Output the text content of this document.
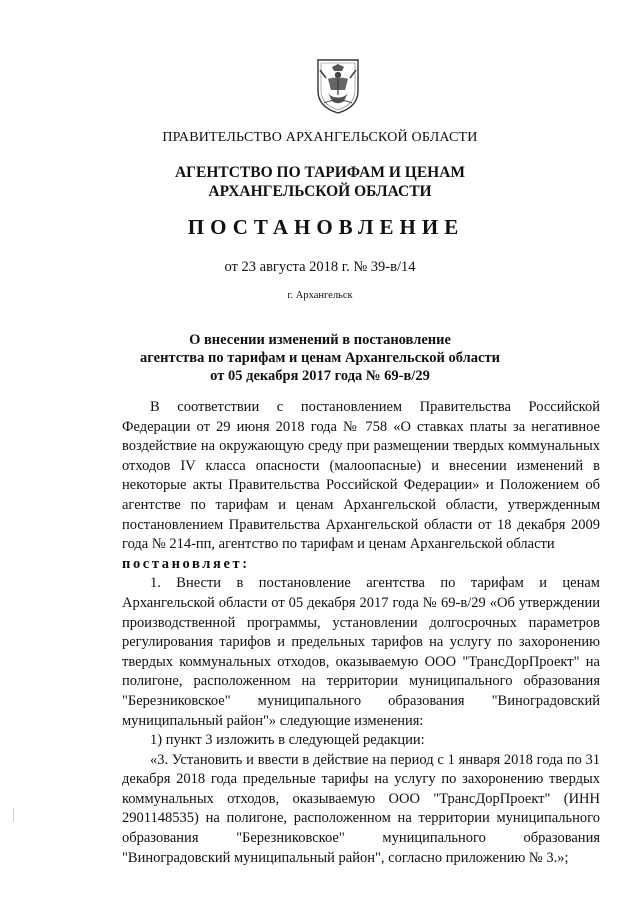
ПРАВИТЕЛЬСТВО АРХАНГЕЛЬСКОЙ ОБЛАСТИ
АГЕНТСТВО ПО ТАРИФАМ И ЦЕНАМ
АРХАНГЕЛЬСКОЙ ОБЛАСТИ
ПОСТАНОВЛЕНИЕ
от 23 августа 2018 г. № 39-в/14
г. Архангельск
О внесении изменений в постановление
агентства по тарифам и ценам Архангельской области
от 05 декабря 2017 года № 69-в/29

В соответствии с постановлением Правительства Российской Федерации от 29 июня 2018 года № 758 «О ставках платы за негативное воздействие на окружающую среду при размещении твердых коммунальных отходов IV класса опасности (малоопасные) и внесении изменений в некоторые акты Правительства Российской Федерации» и Положением об агентстве по тарифам и ценам Архангельской области, утвержденным постановлением Правительства Архангельской области от 18 декабря 2009 года № 214-пп, агентство по тарифам и ценам Архангельской области

постановляет:

1. Внести в постановление агентства по тарифам и ценам Архангельской области от 05 декабря 2017 года № 69-в/29 «Об утверждении производственной программы, установлении долгосрочных параметров регулирования тарифов и предельных тарифов на услугу по захоронению твердых коммунальных отходов, оказываемую ООО "ТрансДорПроект" на полигоне, расположенном на территории муниципального образования "Березниковское" муниципального образования "Виноградовский муниципальный район"» следующие изменения:

1) пункт 3 изложить в следующей редакции:

«3. Установить и ввести в действие на период с 1 января 2018 года по 31 декабря 2018 года предельные тарифы на услугу по захоронению твердых коммунальных отходов, оказываемую ООО "ТрансДорПроект" (ИНН 2901148535) на полигоне, расположенном на территории муниципального образования "Березниковское" муниципального образования "Виноградовский муниципальный район", согласно приложению № 3.»;
